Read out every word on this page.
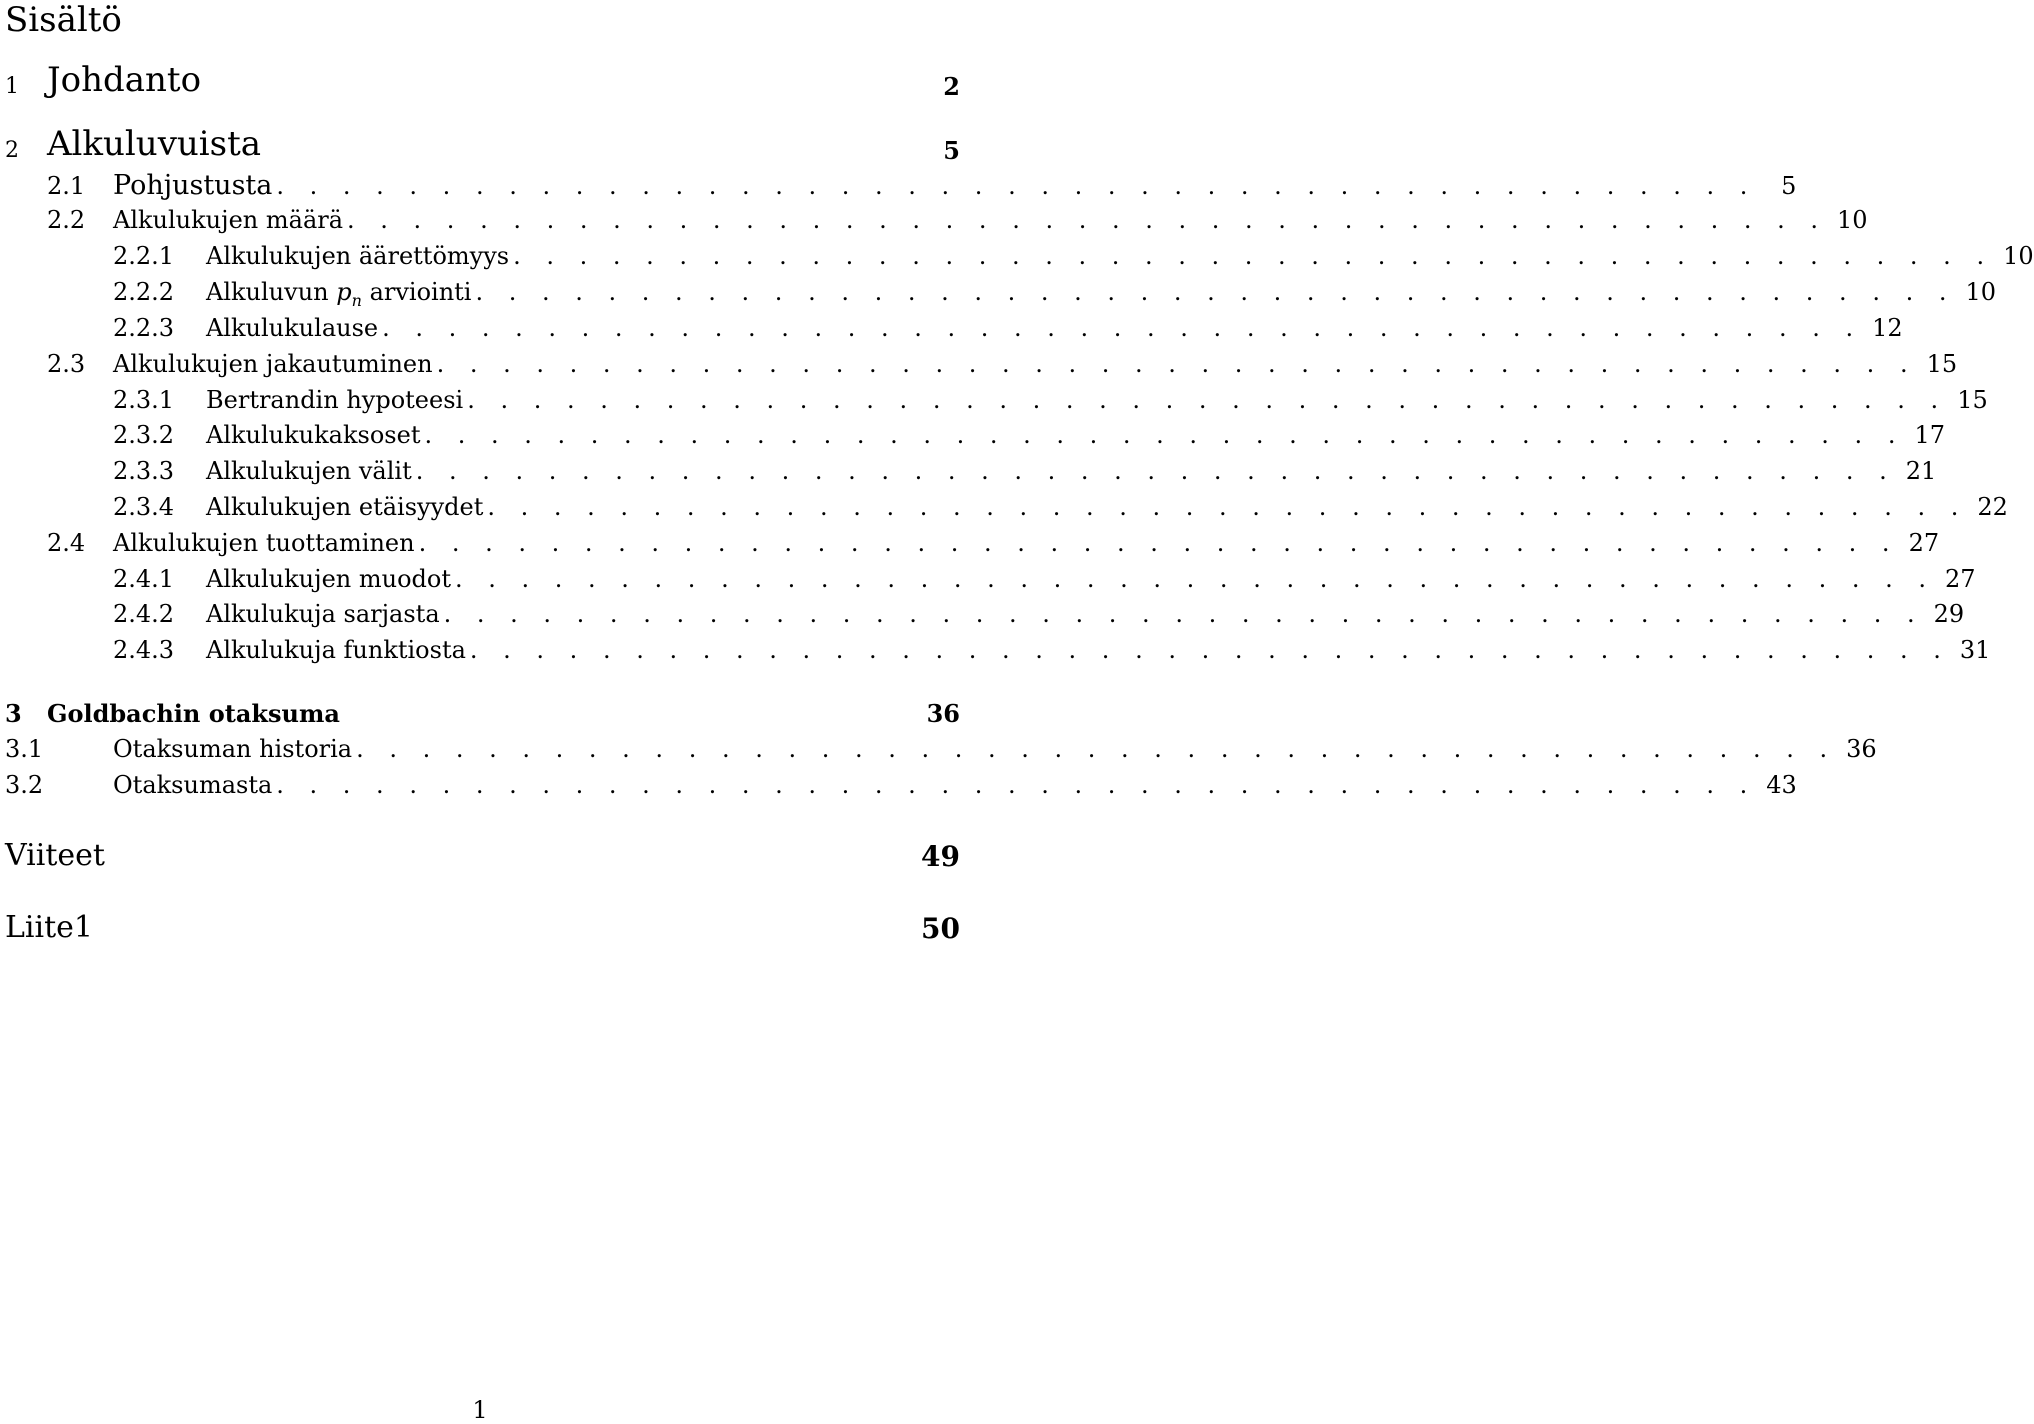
Sisältö
1 Johdanto	2
2 Alkuluvuista	5
2.1	Pohjustusta . . . . . . . . . . . . . . . . . . . . . . . . . . . . . . . . . . . . . . . . . . . . .	5
2.2	Alkulukujen määrä . . . . . . . . . . . . . . . . . . . . . . . . . . . . . . . . . . . . . . . . . . . . . 10
2.2.1	Alkulukujen äärettömyys . . . . . . . . . . . . . . . . . . . . . . . . . . . . . . . . . . . . . . . . . . . . . 10
2.2.2	Alkuluvun $p_n$ arviointi . . . . . . . . . . . . . . . . . . . . . . . . . . . . . . . . . . . . . . . . . . . . . 10
2.2.3	Alkulukulause . . . . . . . . . . . . . . . . . . . . . . . . . . . . . . . . . . . . . . . . . . . . . 12
2.3	Alkulukujen jakautuminen . . . . . . . . . . . . . . . . . . . . . . . . . . . . . . . . . . . . . . . . . . . . . 15
2.3.1	Bertrandin hypoteesi . . . . . . . . . . . . . . . . . . . . . . . . . . . . . . . . . . . . . . . . . . . . . 15
2.3.2	Alkulukukaksoset . . . . . . . . . . . . . . . . . . . . . . . . . . . . . . . . . . . . . . . . . . . . . 17
2.3.3	Alkulukujen välit . . . . . . . . . . . . . . . . . . . . . . . . . . . . . . . . . . . . . . . . . . . . . 21
2.3.4	Alkulukujen etäisyydet . . . . . . . . . . . . . . . . . . . . . . . . . . . . . . . . . . . . . . . . . . . . . 22
2.4	Alkulukujen tuottaminen . . . . . . . . . . . . . . . . . . . . . . . . . . . . . . . . . . . . . . . . . . . . . 27
2.4.1	Alkulukujen muodot . . . . . . . . . . . . . . . . . . . . . . . . . . . . . . . . . . . . . . . . . . . . . 27
2.4.2	Alkulukuja sarjasta . . . . . . . . . . . . . . . . . . . . . . . . . . . . . . . . . . . . . . . . . . . . . 29
2.4.3	Alkulukuja funktiosta . . . . . . . . . . . . . . . . . . . . . . . . . . . . . . . . . . . . . . . . . . . . . 31
3 Goldbachin otaksuma	36
3.1	Otaksuman historia . . . . . . . . . . . . . . . . . . . . . . . . . . . . . . . . . . . . . . . . . . . . . 36
3.2	Otaksumasta . . . . . . . . . . . . . . . . . . . . . . . . . . . . . . . . . . . . . . . . . . . . . 43
Viiteet	49
Liite1	50
1
